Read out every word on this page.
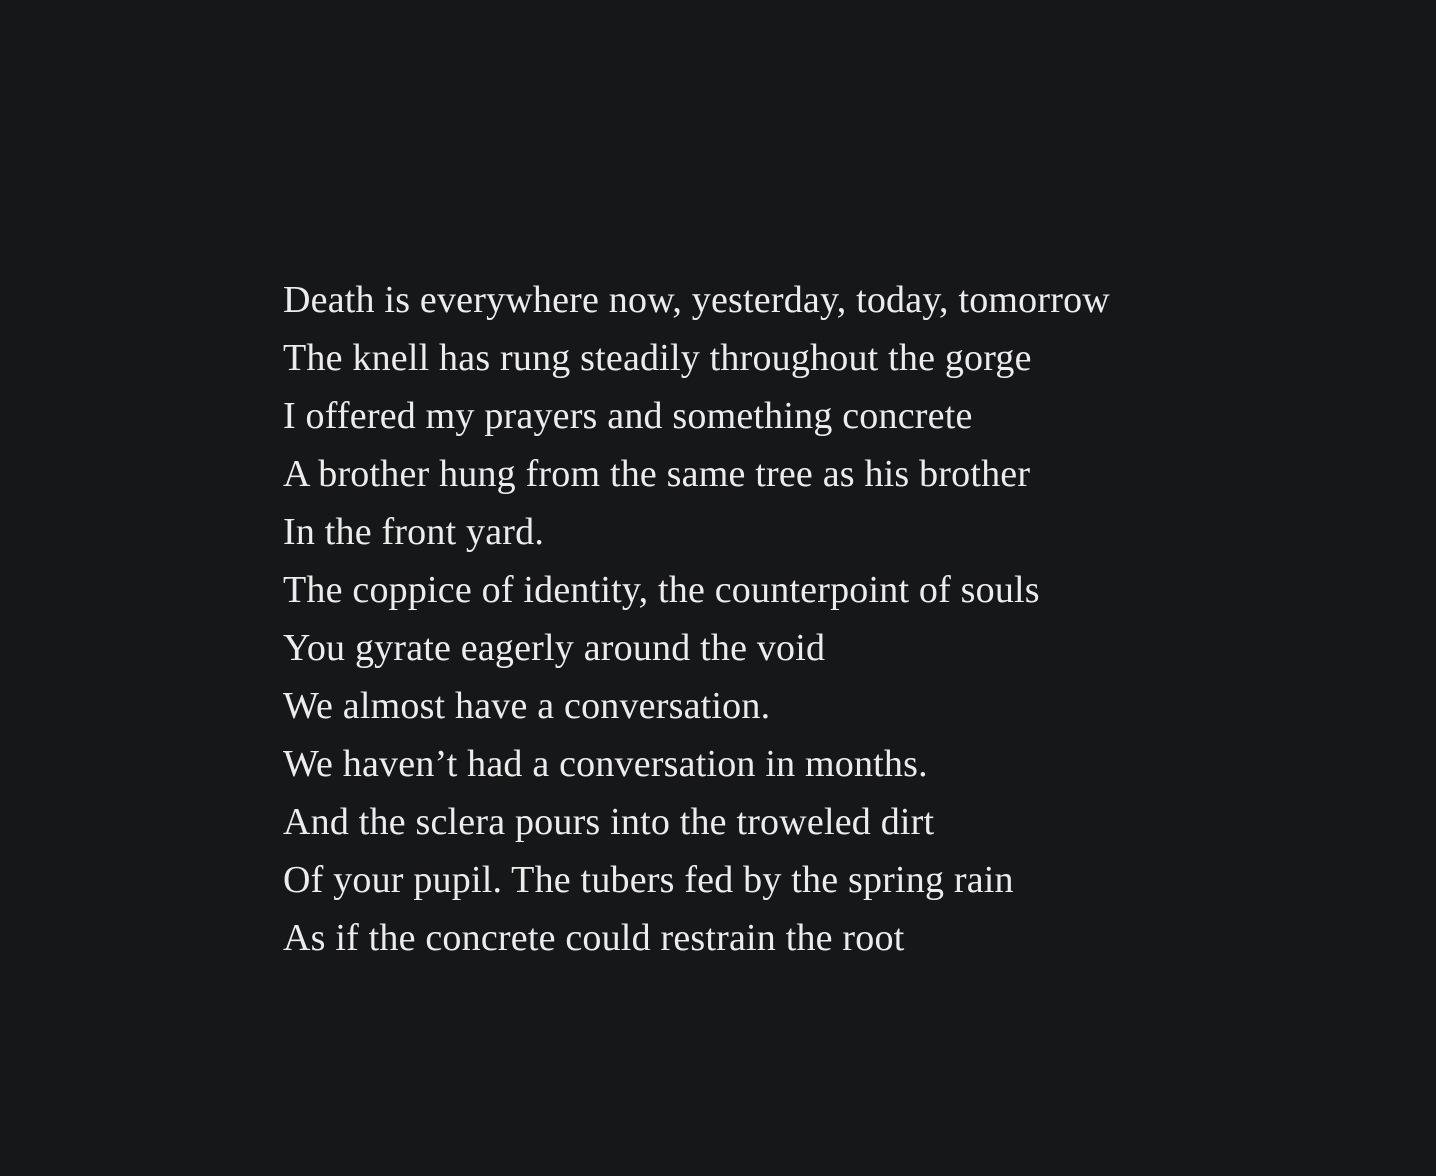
Death is everywhere now, yesterday, today, tomorrow
The knell has rung steadily throughout the gorge
I offered my prayers and something concrete
A brother hung from the same tree as his brother
In the front yard.
The coppice of identity, the counterpoint of souls
You gyrate eagerly around the void
We almost have a conversation.
We haven’t had a conversation in months.
And the sclera pours into the troweled dirt
Of your pupil. The tubers fed by the spring rain
As if the concrete could restrain the root
